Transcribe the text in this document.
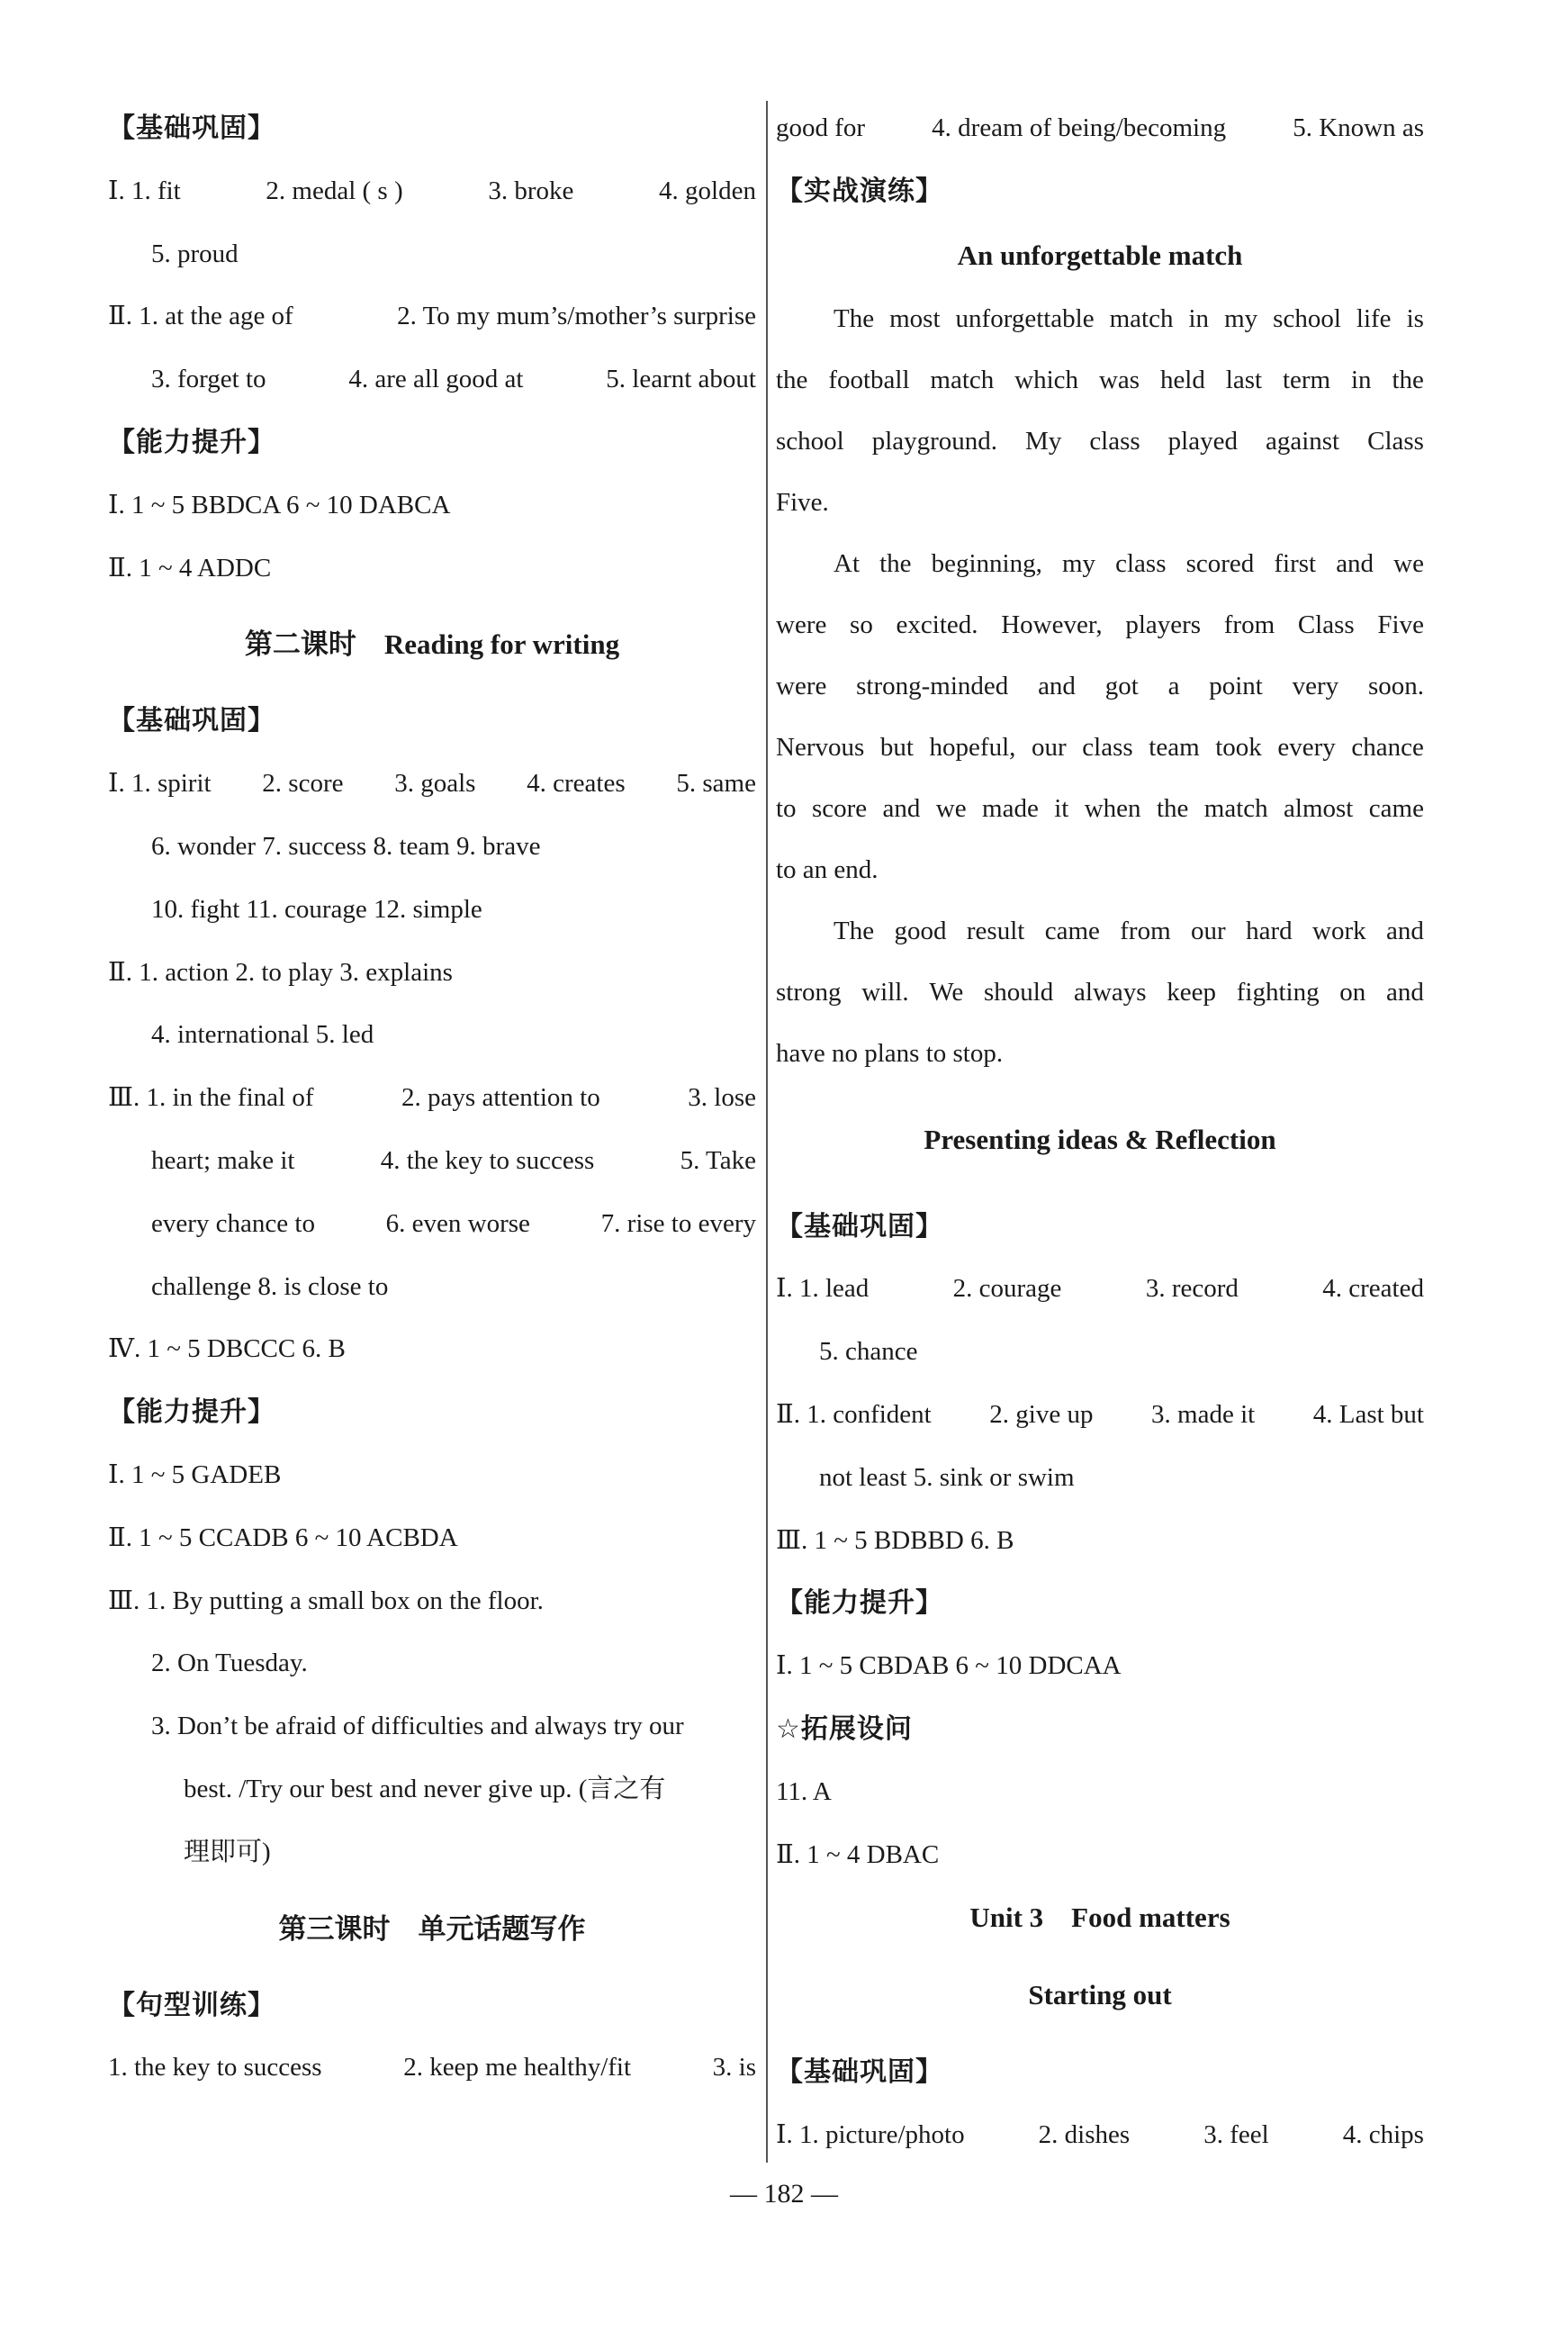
【基础巩固】
Ⅰ. 1. fit	2. medal ( s )	3. broke	4. golden
5. proud
Ⅱ. 1. at the age of	2. To my mum’s/mother’s surprise
3. forget to	4. are all good at	5. learnt about
【能力提升】
Ⅰ. 1 ~ 5 BBDCA 6 ~ 10 DABCA
Ⅱ. 1 ~ 4 ADDC
第二课时　Reading for writing
【基础巩固】
Ⅰ. 1. spirit 2. score 3. goals 4. creates 5. same
6. wonder 7. success 8. team 9. brave
10. fight 11. courage 12. simple
Ⅱ. 1. action 2. to play 3. explains
4. international 5. led
Ⅲ. 1. in the final of	2. pays attention to	3. lose
heart; make it	4. the key to success	5. Take
every chance to	6. even worse	7. rise to every
challenge 8. is close to
Ⅳ. 1 ~ 5 DBCCC 6. B
【能力提升】
Ⅰ. 1 ~ 5 GADEB
Ⅱ. 1 ~ 5 CCADB 6 ~ 10 ACBDA
Ⅲ. 1. By putting a small box on the floor.
2. On Tuesday.
3. Don’t be afraid of difficulties and always try our
best. /Try our best and never give up. (言之有
理即可)
第三课时　单元话题写作
【句型训练】
1. the key to success	2. keep me healthy/fit	3. is
good for	4. dream of being/becoming	5. Known as
【实战演练】
An unforgettable match
The most unforgettable match in my school life is
the football match which was held last term in the
school playground. My class played against Class
Five.
At the beginning, my class scored first and we
were so excited. However, players from Class Five
were strong-minded and got a point very soon.
Nervous but hopeful, our class team took every chance
to score and we made it when the match almost came
to an end.
The good result came from our hard work and
strong will. We should always keep fighting on and
have no plans to stop.
Presenting ideas & Reflection
【基础巩固】
Ⅰ. 1. lead	2. courage	3. record	4. created
5. chance
Ⅱ. 1. confident 2. give up 3. made it 4. Last but
not least 5. sink or swim
Ⅲ. 1 ~ 5 BDBBD 6. B
【能力提升】
Ⅰ. 1 ~ 5 CBDAB 6 ~ 10 DDCAA
☆拓展设问
11. A
Ⅱ. 1 ~ 4 DBAC
Unit 3　Food matters
Starting out
【基础巩固】
Ⅰ. 1. picture/photo	2. dishes	3. feel	4. chips
— 182 —
